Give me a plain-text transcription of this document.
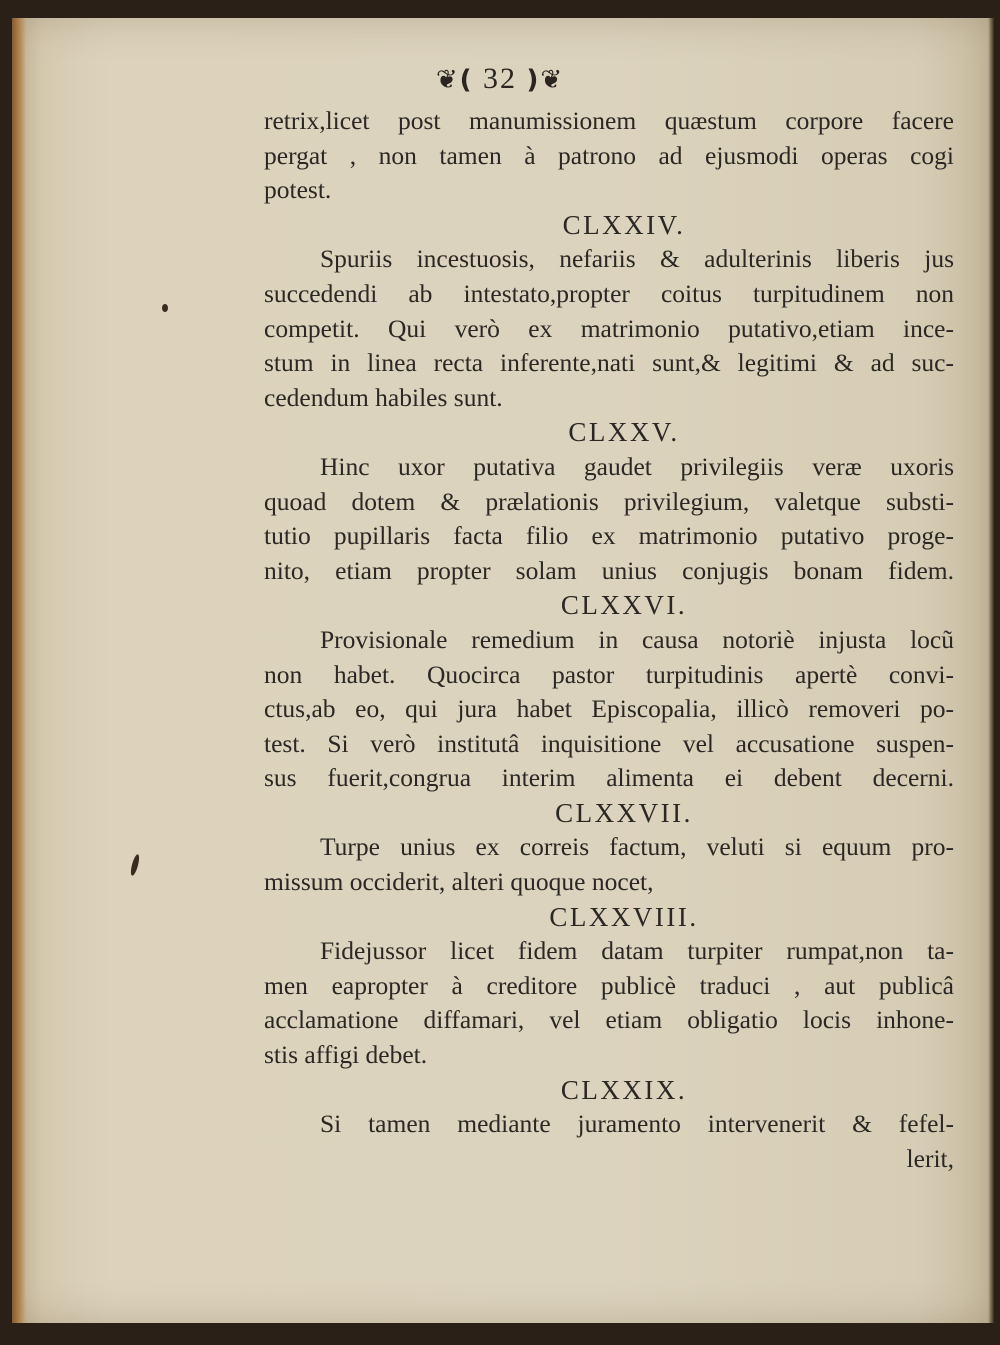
❦( 32 )❦
retrix,licet post manumissionem quæstum corpore facere
pergat , non tamen à patrono ad ejusmodi operas cogi
potest.
CLXXIV.
Spuriis incestuosis, nefariis & adulterinis liberis jus
succedendi ab intestato,propter coitus turpitudinem non
competit. Qui verò ex matrimonio putativo,etiam ince-
stum in linea recta inferente,nati sunt,& legitimi & ad suc-
cedendum habiles sunt.
CLXXV.
Hinc uxor putativa gaudet privilegiis veræ uxoris
quoad dotem & prælationis privilegium, valetque substi-
tutio pupillaris facta filio ex matrimonio putativo proge-
nito, etiam propter solam unius conjugis bonam fidem.
CLXXVI.
Provisionale remedium in causa notoriè injusta locũ
non habet. Quocirca pastor turpitudinis apertè convi-
ctus,ab eo, qui jura habet Episcopalia, illicò removeri po-
test. Si verò institutâ inquisitione vel accusatione suspen-
sus fuerit,congrua interim alimenta ei debent decerni.
CLXXVII.
Turpe unius ex correis factum, veluti si equum pro-
missum occiderit, alteri quoque nocet,
CLXXVIII.
Fidejussor licet fidem datam turpiter rumpat,non ta-
men eapropter à creditore publicè traduci , aut publicâ
acclamatione diffamari, vel etiam obligatio locis inhone-
stis affigi debet.
CLXXIX.
Si tamen mediante juramento intervenerit & fefel-
lerit,
